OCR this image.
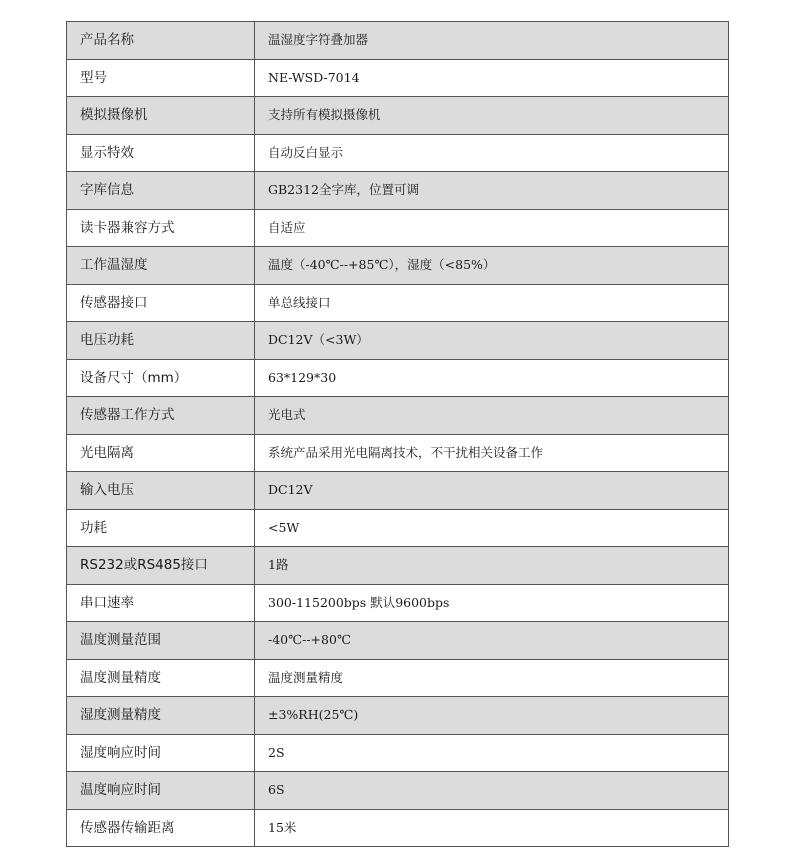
产品名称	温湿度字符叠加器
型号	NE-WSD-7014
模拟摄像机	支持所有模拟摄像机
显示特效	自动反白显示
字库信息	GB2312全字库，位置可调
读卡器兼容方式	自适应
工作温湿度	温度（-40℃--+85℃），湿度（<85%）
传感器接口	单总线接口
电压功耗	DC12V（<3W）
设备尺寸（mm）	63*129*30
传感器工作方式	光电式
光电隔离	系统产品采用光电隔离技术，不干扰相关设备工作
输入电压	DC12V
功耗	<5W
RS232或RS485接口	1路
串口速率	300-115200bps 默认9600bps
温度测量范围	-40℃--+80℃
温度测量精度	温度测量精度
湿度测量精度	±3%RH(25℃)
湿度响应时间	2S
温度响应时间	6S
传感器传输距离	15米
